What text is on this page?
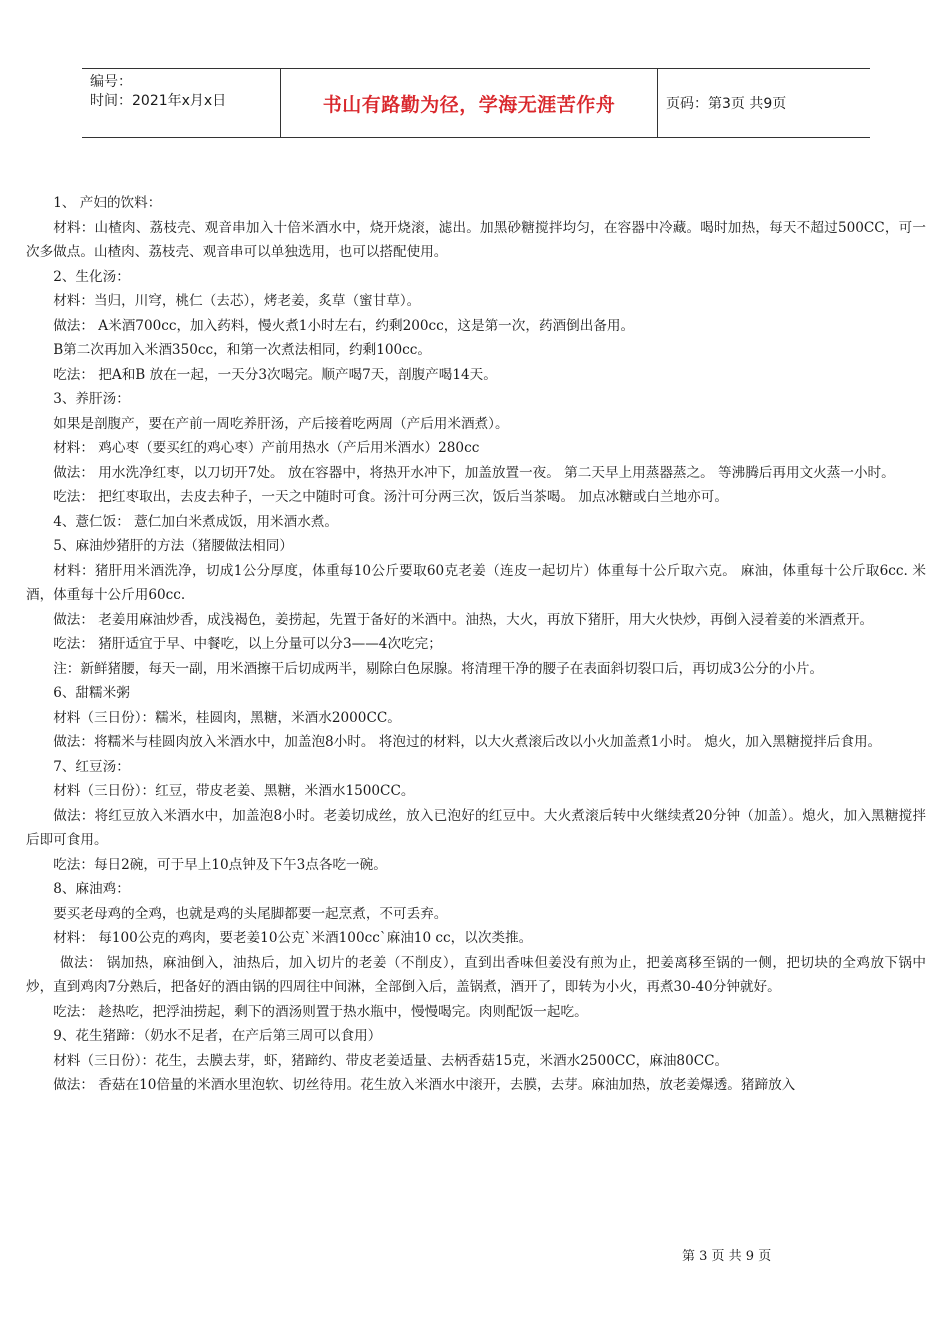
编号：
时间：2021年x月x日	书山有路勤为径，学海无涯苦作舟	页码：第3页 共9页

1、 产妇的饮料：

材料：山楂肉、荔枝壳、观音串加入十倍米酒水中，烧开烧滚，滤出。加黑砂糖搅拌均匀，在容器中冷藏。喝时加热，每天不超过500CC，可一次多做点。山楂肉、荔枝壳、观音串可以单独选用，也可以搭配使用。

2、生化汤：

材料：当归，川穹，桃仁（去芯），烤老姜，炙草（蜜甘草）。

做法： A米酒700cc，加入药料，慢火煮1小时左右，约剩200cc，这是第一次，药酒倒出备用。

B第二次再加入米酒350cc，和第一次煮法相同，约剩100cc。

吃法： 把A和B 放在一起，一天分3次喝完。顺产喝7天，剖腹产喝14天。

3、养肝汤：

如果是剖腹产，要在产前一周吃养肝汤，产后接着吃两周（产后用米酒煮）。

材料： 鸡心枣（要买红的鸡心枣）产前用热水（产后用米酒水）280cc

做法： 用水洗净红枣，以刀切开7处。 放在容器中，将热开水冲下，加盖放置一夜。 第二天早上用蒸器蒸之。 等沸腾后再用文火蒸一小时。

吃法： 把红枣取出，去皮去种子，一天之中随时可食。汤汁可分两三次，饭后当茶喝。 加点冰糖或白兰地亦可。

4、薏仁饭： 薏仁加白米煮成饭，用米酒水煮。

5、麻油炒猪肝的方法（猪腰做法相同）

材料：猪肝用米酒洗净，切成1公分厚度，体重每10公斤要取60克老姜（连皮一起切片）体重每十公斤取六克。 麻油，体重每十公斤取6cc. 米酒，体重每十公斤用60cc.

做法： 老姜用麻油炒香，成浅褐色，姜捞起，先置于备好的米酒中。油热，大火，再放下猪肝，用大火快炒，再倒入浸着姜的米酒煮开。

吃法： 猪肝适宜于早、中餐吃，以上分量可以分3——4次吃完；

注：新鲜猪腰，每天一副，用米酒擦干后切成两半，剔除白色尿腺。将清理干净的腰子在表面斜切裂口后，再切成3公分的小片。

6、甜糯米粥

材料（三日份）：糯米，桂圆肉，黑糖，米酒水2000CC。

做法：将糯米与桂圆肉放入米酒水中，加盖泡8小时。 将泡过的材料，以大火煮滚后改以小火加盖煮1小时。 熄火，加入黑糖搅拌后食用。

7、红豆汤：

材料（三日份）：红豆，带皮老姜、黑糖，米酒水1500CC。

做法：将红豆放入米酒水中，加盖泡8小时。老姜切成丝，放入已泡好的红豆中。大火煮滚后转中火继续煮20分钟（加盖）。熄火，加入黑糖搅拌后即可食用。

吃法：每日2碗，可于早上10点钟及下午3点各吃一碗。

8、麻油鸡：

要买老母鸡的全鸡，也就是鸡的头尾脚都要一起烹煮，不可丢弃。

材料： 每100公克的鸡肉，要老姜10公克`米酒100cc`麻油10 cc，以次类推。

做法： 锅加热，麻油倒入，油热后，加入切片的老姜（不削皮），直到出香味但姜没有煎为止，把姜离移至锅的一侧，把切块的全鸡放下锅中炒，直到鸡肉7分熟后，把备好的酒由锅的四周往中间淋，全部倒入后，盖锅煮，酒开了，即转为小火，再煮30-40分钟就好。

吃法： 趁热吃，把浮油捞起，剩下的酒汤则置于热水瓶中，慢慢喝完。肉则配饭一起吃。

9、花生猪蹄：（奶水不足者，在产后第三周可以食用）

材料（三日份）：花生，去膜去芽，虾，猪蹄约、带皮老姜适量、去柄香菇15克，米酒水2500CC，麻油80CC。

做法： 香菇在10倍量的米酒水里泡软、切丝待用。花生放入米酒水中滚开，去膜，去芽。麻油加热，放老姜爆透。猪蹄放入

第 3 页 共 9 页
